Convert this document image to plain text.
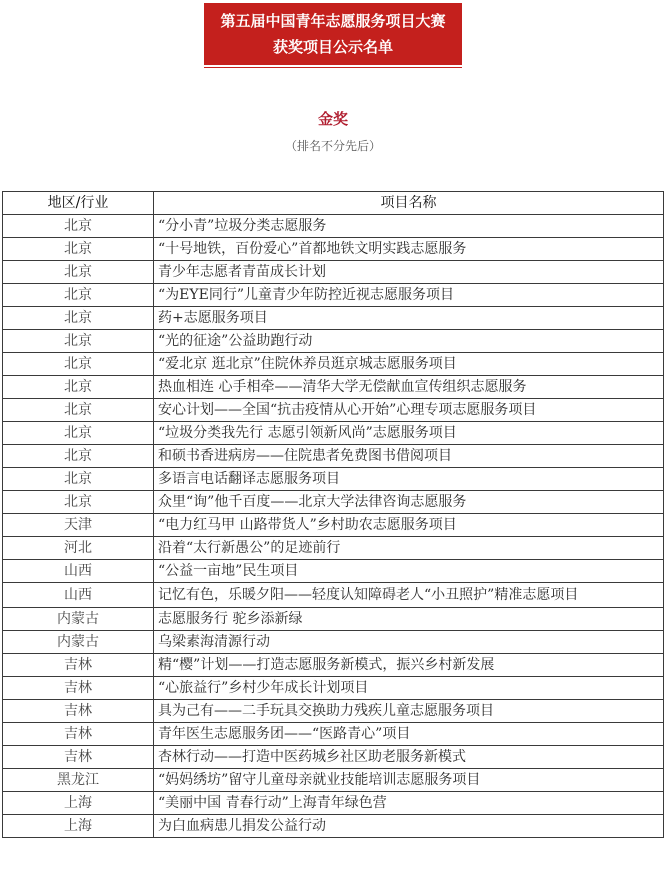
第五届中国青年志愿服务项目大赛
获奖项目公示名单
金奖
（排名不分先后）
地区/行业	项目名称
北京	“分小青”垃圾分类志愿服务
北京	“十号地铁，百份爱心”首都地铁文明实践志愿服务
北京	青少年志愿者青苗成长计划
北京	“为EYE同行”儿童青少年防控近视志愿服务项目
北京	药+志愿服务项目
北京	“光的征途”公益助跑行动
北京	“爱北京 逛北京”住院休养员逛京城志愿服务项目
北京	热血相连 心手相牵——清华大学无偿献血宣传组织志愿服务
北京	安心计划——全国“抗击疫情从心开始”心理专项志愿服务项目
北京	“垃圾分类我先行 志愿引领新风尚”志愿服务项目
北京	和硕书香进病房——住院患者免费图书借阅项目
北京	多语言电话翻译志愿服务项目
北京	众里“询”他千百度——北京大学法律咨询志愿服务
天津	“电力红马甲 山路带货人”乡村助农志愿服务项目
河北	沿着“太行新愚公”的足迹前行
山西	“公益一亩地”民生项目
山西	记忆有色，乐暖夕阳——轻度认知障碍老人“小丑照护”精准志愿项目
内蒙古	志愿服务行 驼乡添新绿
内蒙古	乌梁素海清源行动
吉林	精“樱”计划——打造志愿服务新模式，振兴乡村新发展
吉林	“心旅益行”乡村少年成长计划项目
吉林	具为己有——二手玩具交换助力残疾儿童志愿服务项目
吉林	青年医生志愿服务团——“医路青心”项目
吉林	杏林行动——打造中医药城乡社区助老服务新模式
黑龙江	“妈妈绣坊”留守儿童母亲就业技能培训志愿服务项目
上海	“美丽中国 青春行动”上海青年绿色营
上海	为白血病患儿捐发公益行动
